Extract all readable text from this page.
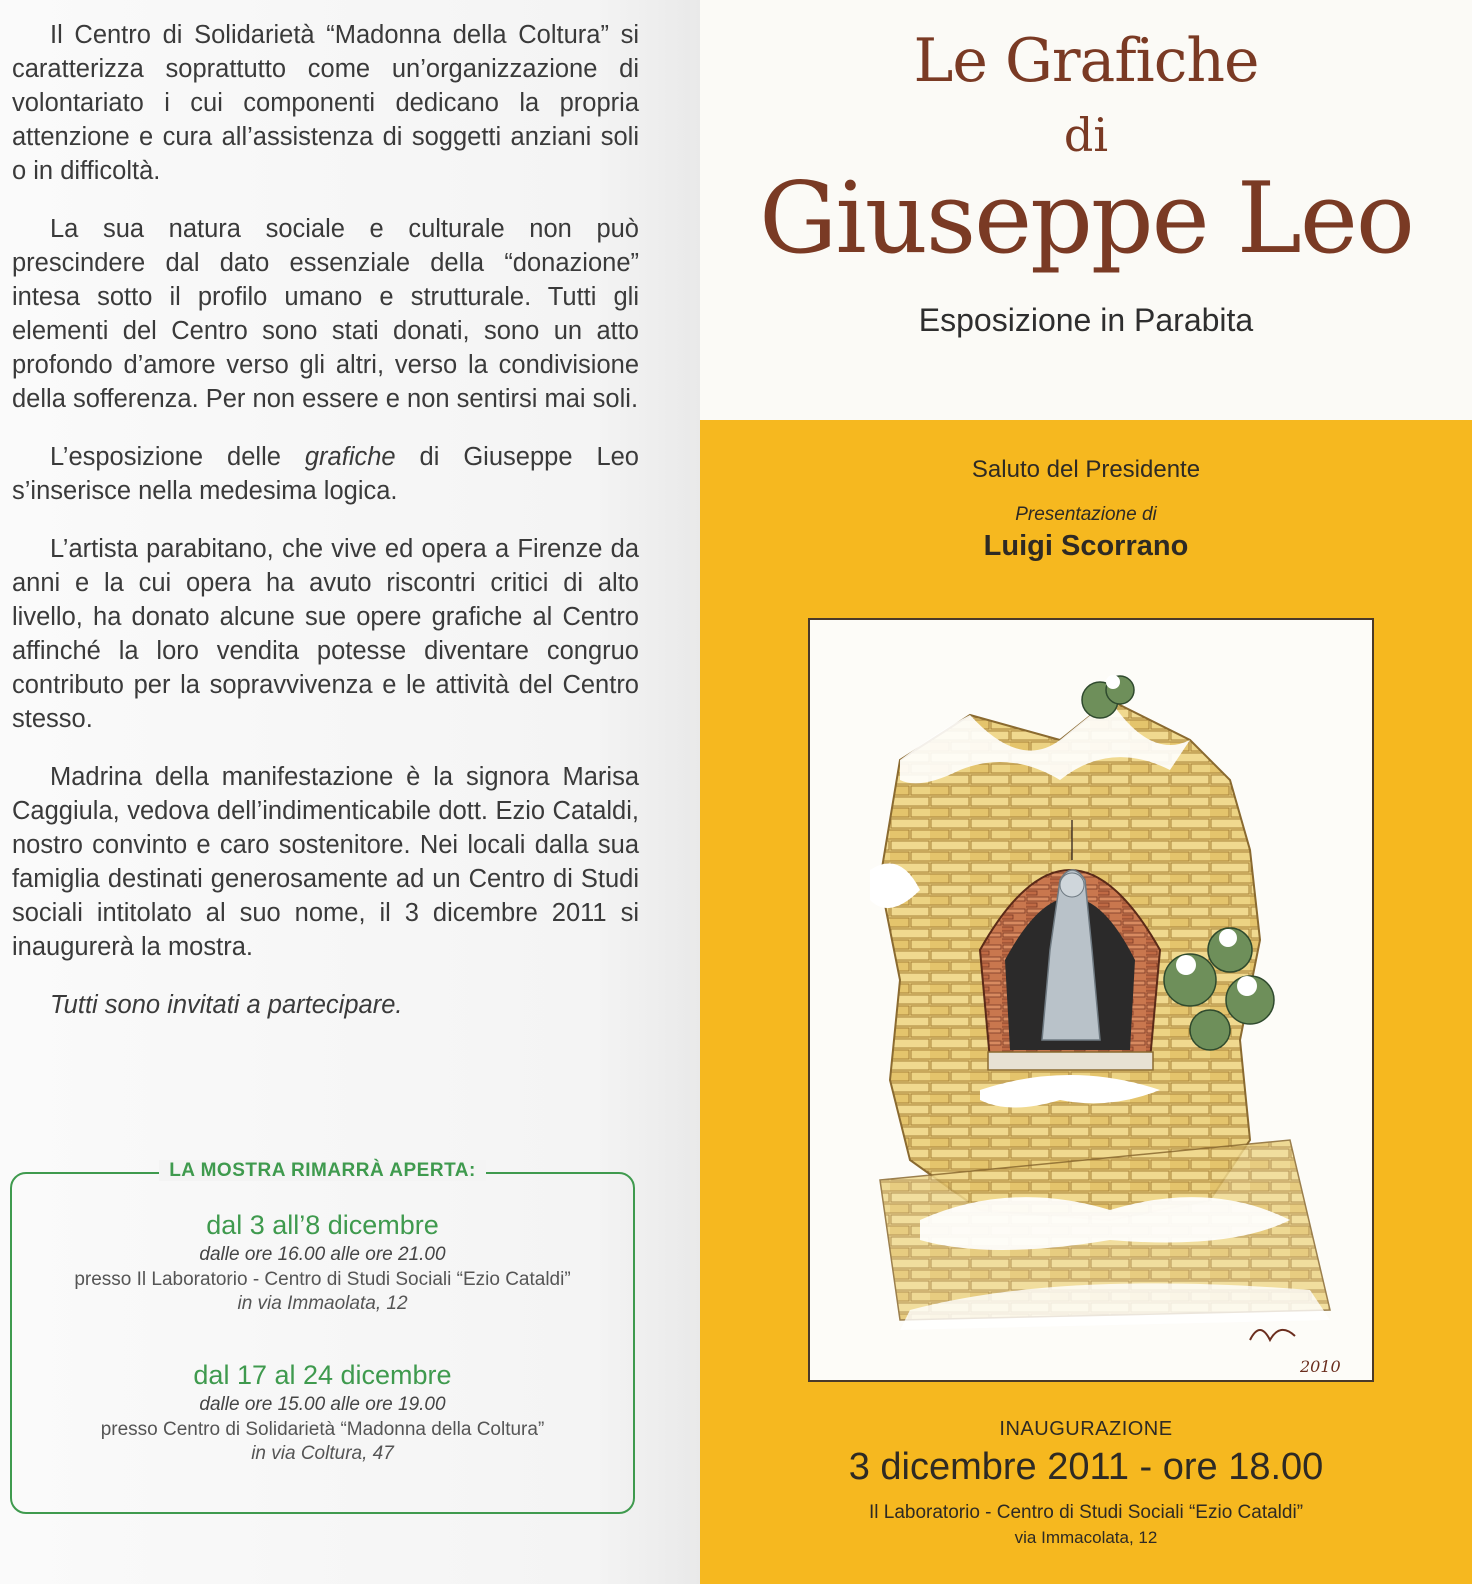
Il Centro di Solidarietà “Madonna della Coltura” si caratterizza soprattutto come un’organizzazione di volontariato i cui componenti dedicano la propria attenzione e cura all’assistenza di soggetti anziani soli o in difficoltà.

La sua natura sociale e culturale non può prescindere dal dato essenziale della “donazione” intesa sotto il profilo umano e strutturale. Tutti gli elementi del Centro sono stati donati, sono un atto profondo d’amore verso gli altri, verso la condivisione della sofferenza. Per non essere e non sentirsi mai soli.

L’esposizione delle grafiche di Giuseppe Leo s’inserisce nella medesima logica.

L’artista parabitano, che vive ed opera a Firenze da anni e la cui opera ha avuto riscontri critici di alto livello, ha donato alcune sue opere grafiche al Centro affinché la loro vendita potesse diventare congruo contributo per la sopravvivenza e le attività del Centro stesso.

Madrina della manifestazione è la signora Marisa Caggiula, vedova dell’indimenticabile dott. Ezio Cataldi, nostro convinto e caro sostenitore. Nei locali dalla sua famiglia destinati generosamente ad un Centro di Studi sociali intitolato al suo nome, il 3 dicembre 2011 si inaugurerà la mostra.

Tutti sono invitati a partecipare.

LA MOSTRA RIMARRÀ APERTA:
dal 3 all’8 dicembre
dalle ore 16.00 alle ore 21.00
presso Il Laboratorio - Centro di Studi Sociali “Ezio Cataldi”
in via Immaolata, 12
dal 17 al 24 dicembre
dalle ore 15.00 alle ore 19.00
presso Centro di Solidarietà “Madonna della Coltura”
in via Coltura, 47
Le Grafiche
di
Giuseppe Leo
Esposizione in Parabita
Saluto del Presidente
Presentazione di
Luigi Scorrano
2010
INAUGURAZIONE
3 dicembre 2011 - ore 18.00
Il Laboratorio - Centro di Studi Sociali “Ezio Cataldi”
via Immacolata, 12
